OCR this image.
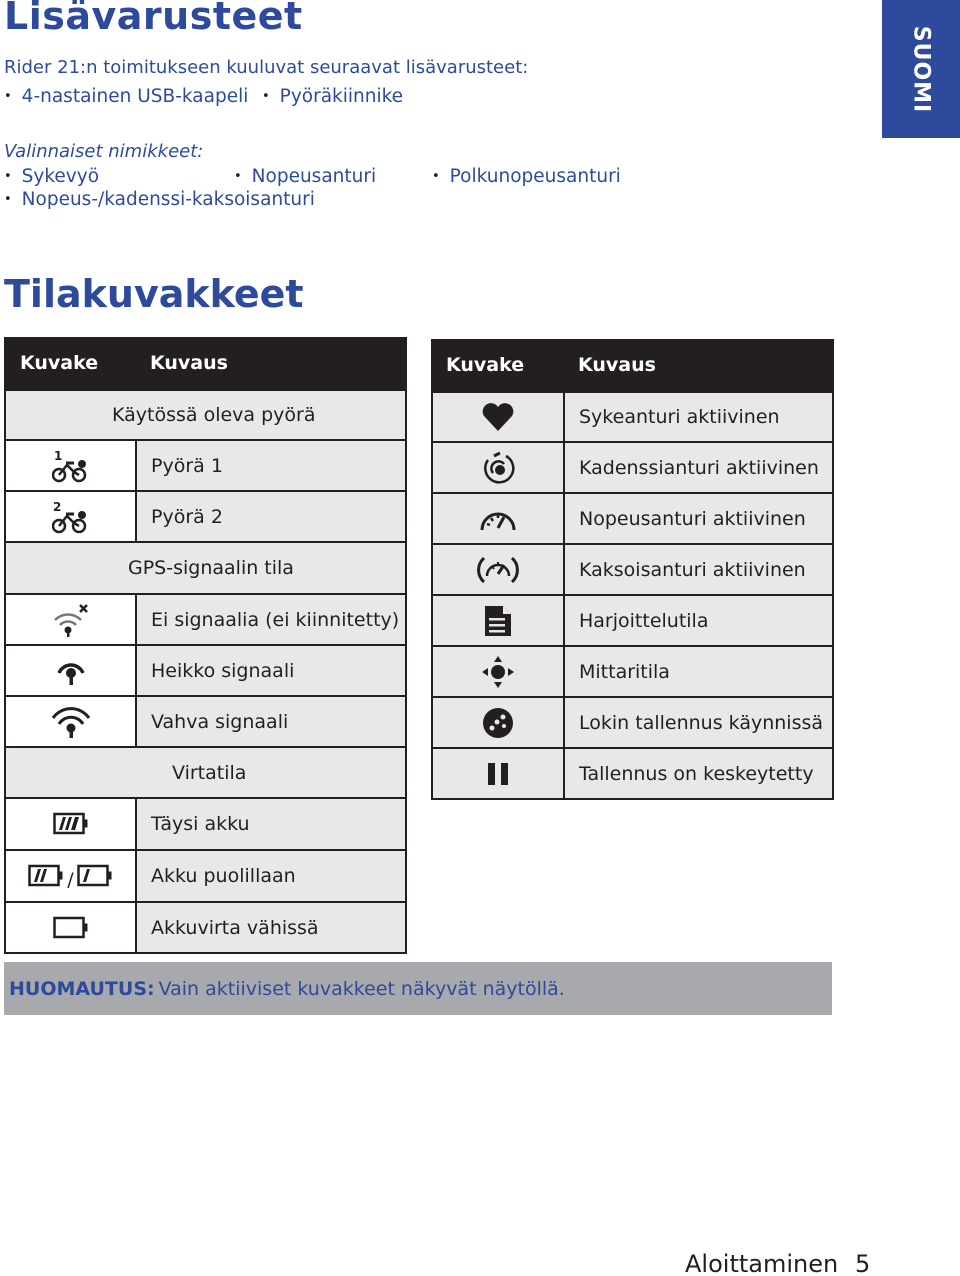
Lisävarusteet
SUOMI
Rider 21:n toimitukseen kuuluvat seuraavat lisävarusteet:
• 4-nastainen USB-kaapeli	• Pyöräkiinnike
Valinnaiset nimikkeet:
• Sykevyö	• Nopeusanturi	• Polkunopeusanturi
• Nopeus-/kadenssi-kaksoisanturi
Tilakuvakkeet
Kuvake	Kuvaus
Käytössä oleva pyörä
1	Pyörä 1
2	Pyörä 2
GPS-signaalin tila
Ei signaalia (ei kiinnitetty)
Heikko signaali
Vahva signaali
Virtatila
Täysi akku
/	Akku puolillaan
Akkuvirta vähissä
Kuvake	Kuvaus
Sykeanturi aktiivinen
Kadenssianturi aktiivinen
Nopeusanturi aktiivinen
Kaksoisanturi aktiivinen
Harjoittelutila
Mittaritila
Lokin tallennus käynnissä
Tallennus on keskeytetty
HUOMAUTUS: Vain aktiiviset kuvakkeet näkyvät näytöllä.
Aloittaminen 5
